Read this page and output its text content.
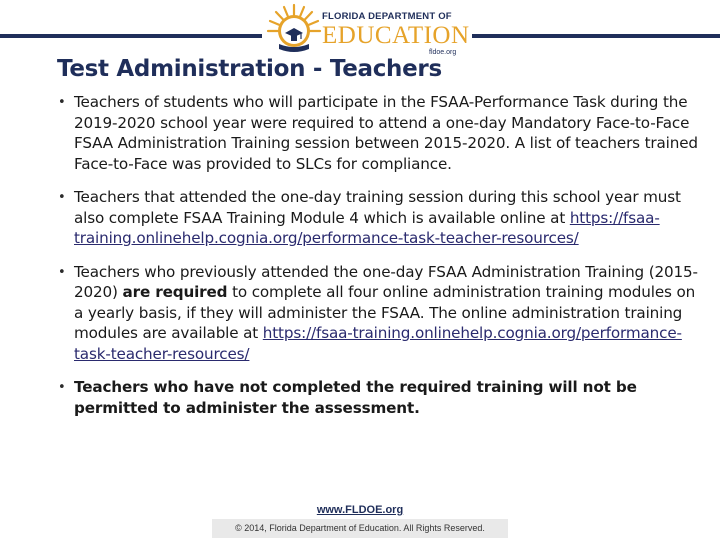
FLORIDA DEPARTMENT OF
EDUCATION
fldoe.org
Test Administration - Teachers
• Teachers of students who will participate in the FSAA-Performance Task during the 2019-2020 school year were required to attend a one-day Mandatory Face-to-Face FSAA Administration Training session between 2015-2020. A list of teachers trained Face-to-Face was provided to SLCs for compliance.
• Teachers that attended the one-day training session during this school year must also complete FSAA Training Module 4 which is available online at https://fsaa-training.onlinehelp.cognia.org/performance-task-teacher-resources/
• Teachers who previously attended the one-day FSAA Administration Training (2015-2020) are required to complete all four online administration training modules on a yearly basis, if they will administer the FSAA. The online administration training modules are available at https://fsaa-training.onlinehelp.cognia.org/performance-task-teacher-resources/
• Teachers who have not completed the required training will not be permitted to administer the assessment.
www.FLDOE.org
© 2014, Florida Department of Education. All Rights Reserved.
